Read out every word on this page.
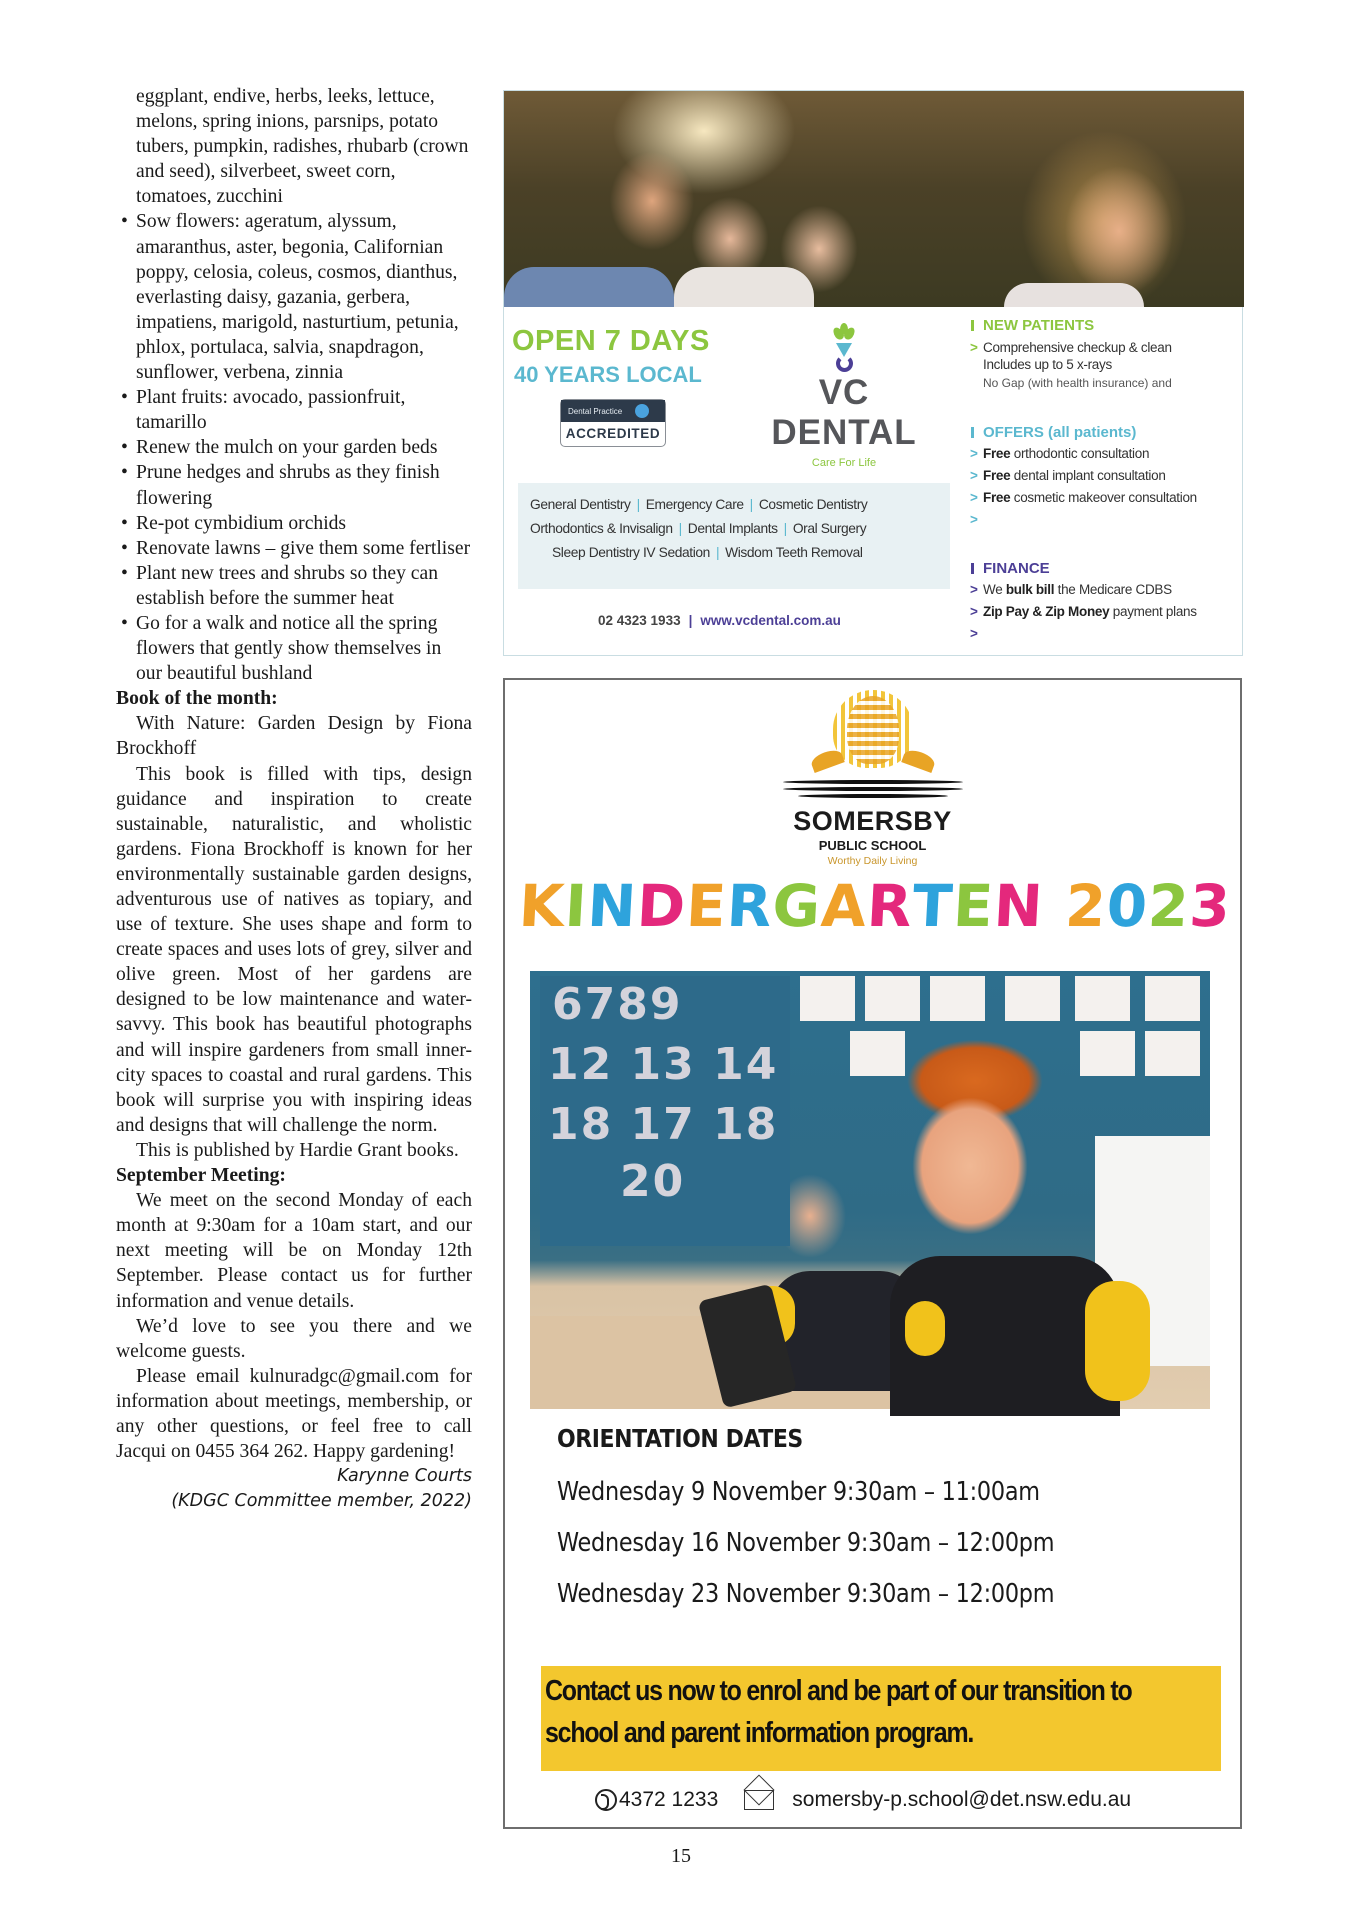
eggplant, endive, herbs, leeks, lettuce, melons, spring inions, parsnips, potato tubers, pumpkin, radishes, rhubarb (crown and seed), silverbeet, sweet corn, tomatoes, zucchini
• Sow flowers: ageratum, alyssum, amaranthus, aster, begonia, Californian poppy, celosia, coleus, cosmos, dianthus, everlasting daisy, gazania, gerbera, impatiens, marigold, nasturtium, petunia, phlox, portulaca, salvia, snapdragon, sunflower, verbena, zinnia
• Plant fruits: avocado, passionfruit, tamarillo
• Renew the mulch on your garden beds
• Prune hedges and shrubs as they finish flowering
• Re-pot cymbidium orchids
• Renovate lawns – give them some fertliser
• Plant new trees and shrubs so they can establish before the summer heat
• Go for a walk and notice all the spring flowers that gently show themselves in our beautiful bushland
Book of the month:

With Nature: Garden Design by Fiona Brockhoff

This book is filled with tips, design guidance and inspiration to create sustainable, naturalistic, and wholistic gardens. Fiona Brockhoff is known for her environmentally sustainable garden designs, adventurous use of natives as topiary, and use of texture. She uses shape and form to create spaces and uses lots of grey, silver and olive green. Most of her gardens are designed to be low maintenance and water-savvy. This book has beautiful photographs and will inspire gardeners from small inner-city spaces to coastal and rural gardens. This book will surprise you with inspiring ideas and designs that will challenge the norm.

This is published by Hardie Grant books.

September Meeting:

We meet on the second Monday of each month at 9:30am for a 10am start, and our next meeting will be on Monday 12th September. Please contact us for further information and venue details.

We’d love to see you there and we welcome guests.

Please email kulnuradgc@gmail.com for information about meetings, membership, or any other questions, or feel free to call Jacqui on 0455 364 262. Happy gardening!

Karynne Courts
(KDGC Committee member, 2022)
OPEN 7 DAYS
40 YEARS LOCAL
Dental Practice
ACCREDITED
VC DENTAL
Care For Life
General Dentistry | Emergency Care | Cosmetic Dentistry
Orthodontics & Invisalign | Dental Implants | Oral Surgery
Sleep Dentistry IV Sedation | Wisdom Teeth Removal
02 4323 1933 | www.vcdental.com.au
NEW PATIENTS
> Comprehensive checkup & clean
Includes up to 5 x-rays
No Gap (with health insurance) and
OFFERS (all patients)
> Free orthodontic consultation
> Free dental implant consultation
> Free cosmetic makeover consultation
>
FINANCE
> We bulk bill the Medicare CDBS
> Zip Pay & Zip Money payment plans
>
SOMERSBY
PUBLIC SCHOOL
Worthy Daily Living
KINDERGARTEN 2023
6789
12 13 14
18 17 18
20
ORIENTATION DATES
Wednesday 9 November 9:30am – 11:00am
Wednesday 16 November 9:30am – 12:00pm
Wednesday 23 November 9:30am – 12:00pm

Contact us now to enrol and be part of our transition to

school and parent information program.

4372 1233	somersby-p.school@det.nsw.edu.au
15
